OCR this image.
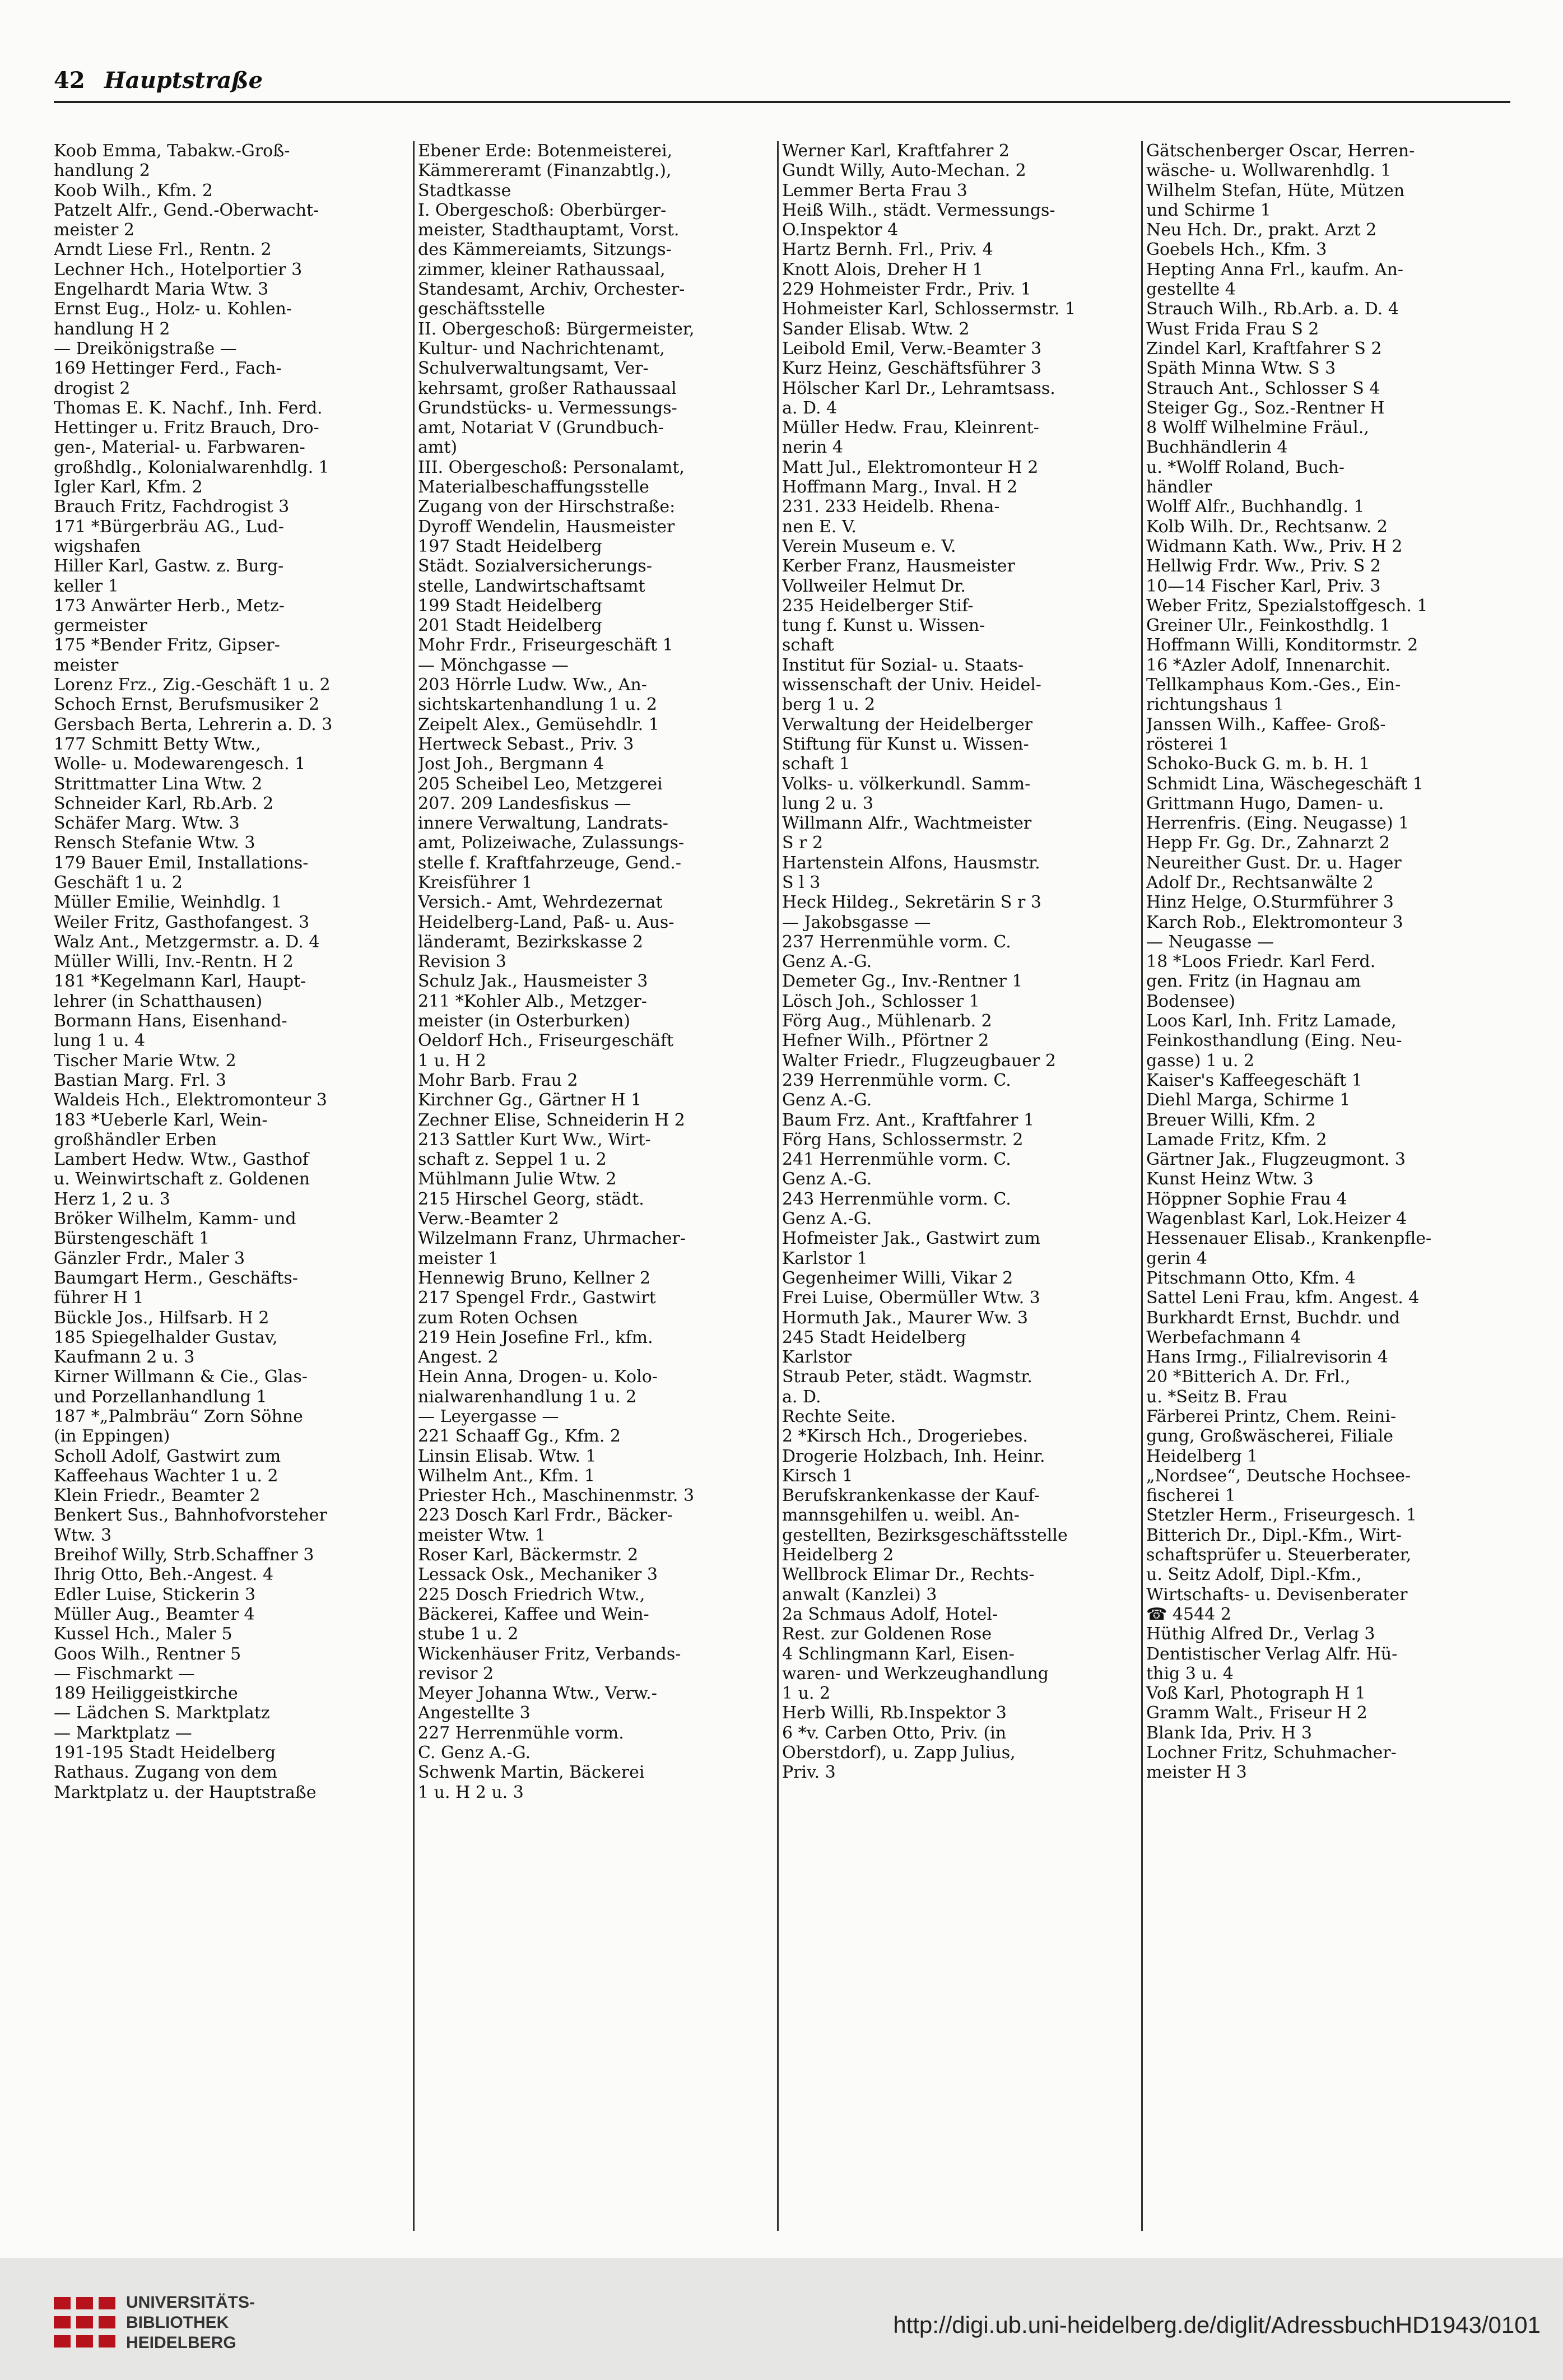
42 Hauptstraße
Koob Emma, Tabakw.-Groß-
handlung 2
Koob Wilh., Kfm. 2
Patzelt Alfr., Gend.-Oberwacht-
meister 2
Arndt Liese Frl., Rentn. 2
Lechner Hch., Hotelportier 3
Engelhardt Maria Wtw. 3
Ernst Eug., Holz- u. Kohlen-
handlung H 2
— Dreikönigstraße —
169 Hettinger Ferd., Fach-
drogist 2
Thomas E. K. Nachf., Inh. Ferd.
Hettinger u. Fritz Brauch, Dro-
gen-, Material- u. Farbwaren-
großhdlg., Kolonialwarenhdlg. 1
Igler Karl, Kfm. 2
Brauch Fritz, Fachdrogist 3
171 *Bürgerbräu AG., Lud-
wigshafen
Hiller Karl, Gastw. z. Burg-
keller 1
173 Anwärter Herb., Metz-
germeister
175 *Bender Fritz, Gipser-
meister
Lorenz Frz., Zig.-Geschäft 1 u. 2
Schoch Ernst, Berufsmusiker 2
Gersbach Berta, Lehrerin a. D. 3
177 Schmitt Betty Wtw.,
Wolle- u. Modewarengesch. 1
Strittmatter Lina Wtw. 2
Schneider Karl, Rb.Arb. 2
Schäfer Marg. Wtw. 3
Rensch Stefanie Wtw. 3
179 Bauer Emil, Installations-
Geschäft 1 u. 2
Müller Emilie, Weinhdlg. 1
Weiler Fritz, Gasthofangest. 3
Walz Ant., Metzgermstr. a. D. 4
Müller Willi, Inv.-Rentn. H 2
181 *Kegelmann Karl, Haupt-
lehrer (in Schatthausen)
Bormann Hans, Eisenhand-
lung 1 u. 4
Tischer Marie Wtw. 2
Bastian Marg. Frl. 3
Waldeis Hch., Elektromonteur 3
183 *Ueberle Karl, Wein-
großhändler Erben
Lambert Hedw. Wtw., Gasthof
u. Weinwirtschaft z. Goldenen
Herz 1, 2 u. 3
Bröker Wilhelm, Kamm- und
Bürstengeschäft 1
Gänzler Frdr., Maler 3
Baumgart Herm., Geschäfts-
führer H 1
Bückle Jos., Hilfsarb. H 2
185 Spiegelhalder Gustav,
Kaufmann 2 u. 3
Kirner Willmann & Cie., Glas-
und Porzellanhandlung 1
187 *„Palmbräu“ Zorn Söhne
(in Eppingen)
Scholl Adolf, Gastwirt zum
Kaffeehaus Wachter 1 u. 2
Klein Friedr., Beamter 2
Benkert Sus., Bahnhofvorsteher
Wtw. 3
Breihof Willy, Strb.Schaffner 3
Ihrig Otto, Beh.-Angest. 4
Edler Luise, Stickerin 3
Müller Aug., Beamter 4
Kussel Hch., Maler 5
Goos Wilh., Rentner 5
— Fischmarkt —
189 Heiliggeistkirche
— Lädchen S. Marktplatz
— Marktplatz —
191-195 Stadt Heidelberg
Rathaus. Zugang von dem
Marktplatz u. der Hauptstraße
Ebener Erde: Botenmeisterei,
Kämmereramt (Finanzabtlg.),
Stadtkasse
I. Obergeschoß: Oberbürger-
meister, Stadthauptamt, Vorst.
des Kämmereiamts, Sitzungs-
zimmer, kleiner Rathaussaal,
Standesamt, Archiv, Orchester-
geschäftsstelle
II. Obergeschoß: Bürgermeister,
Kultur- und Nachrichtenamt,
Schulverwaltungsamt, Ver-
kehrsamt, großer Rathaussaal
Grundstücks- u. Vermessungs-
amt, Notariat V (Grundbuch-
amt)
III. Obergeschoß: Personalamt,
Materialbeschaffungsstelle
Zugang von der Hirschstraße:
Dyroff Wendelin, Hausmeister
197 Stadt Heidelberg
Städt. Sozialversicherungs-
stelle, Landwirtschaftsamt
199 Stadt Heidelberg
201 Stadt Heidelberg
Mohr Frdr., Friseurgeschäft 1
— Mönchgasse —
203 Hörrle Ludw. Ww., An-
sichtskartenhandlung 1 u. 2
Zeipelt Alex., Gemüsehdlr. 1
Hertweck Sebast., Priv. 3
Jost Joh., Bergmann 4
205 Scheibel Leo, Metzgerei
207. 209 Landesfiskus —
innere Verwaltung, Landrats-
amt, Polizeiwache, Zulassungs-
stelle f. Kraftfahrzeuge, Gend.-
Kreisführer 1
Versich.- Amt, Wehrdezernat
Heidelberg-Land, Paß- u. Aus-
länderamt, Bezirkskasse 2
Revision 3
Schulz Jak., Hausmeister 3
211 *Kohler Alb., Metzger-
meister (in Osterburken)
Oeldorf Hch., Friseurgeschäft
1 u. H 2
Mohr Barb. Frau 2
Kirchner Gg., Gärtner H 1
Zechner Elise, Schneiderin H 2
213 Sattler Kurt Ww., Wirt-
schaft z. Seppel 1 u. 2
Mühlmann Julie Wtw. 2
215 Hirschel Georg, städt.
Verw.-Beamter 2
Wilzelmann Franz, Uhrmacher-
meister 1
Hennewig Bruno, Kellner 2
217 Spengel Frdr., Gastwirt
zum Roten Ochsen
219 Hein Josefine Frl., kfm.
Angest. 2
Hein Anna, Drogen- u. Kolo-
nialwarenhandlung 1 u. 2
— Leyergasse —
221 Schaaff Gg., Kfm. 2
Linsin Elisab. Wtw. 1
Wilhelm Ant., Kfm. 1
Priester Hch., Maschinenmstr. 3
223 Dosch Karl Frdr., Bäcker-
meister Wtw. 1
Roser Karl, Bäckermstr. 2
Lessack Osk., Mechaniker 3
225 Dosch Friedrich Wtw.,
Bäckerei, Kaffee und Wein-
stube 1 u. 2
Wickenhäuser Fritz, Verbands-
revisor 2
Meyer Johanna Wtw., Verw.-
Angestellte 3
227 Herrenmühle vorm.
C. Genz A.-G.
Schwenk Martin, Bäckerei
1 u. H 2 u. 3
Werner Karl, Kraftfahrer 2
Gundt Willy, Auto-Mechan. 2
Lemmer Berta Frau 3
Heiß Wilh., städt. Vermessungs-
O.Inspektor 4
Hartz Bernh. Frl., Priv. 4
Knott Alois, Dreher H 1
229 Hohmeister Frdr., Priv. 1
Hohmeister Karl, Schlossermstr. 1
Sander Elisab. Wtw. 2
Leibold Emil, Verw.-Beamter 3
Kurz Heinz, Geschäftsführer 3
Hölscher Karl Dr., Lehramtsass.
a. D. 4
Müller Hedw. Frau, Kleinrent-
nerin 4
Matt Jul., Elektromonteur H 2
Hoffmann Marg., Inval. H 2
231. 233 Heidelb. Rhena-
nen E. V.
Verein Museum e. V.
Kerber Franz, Hausmeister
Vollweiler Helmut Dr.
235 Heidelberger Stif-
tung f. Kunst u. Wissen-
schaft
Institut für Sozial- u. Staats-
wissenschaft der Univ. Heidel-
berg 1 u. 2
Verwaltung der Heidelberger
Stiftung für Kunst u. Wissen-
schaft 1
Volks- u. völkerkundl. Samm-
lung 2 u. 3
Willmann Alfr., Wachtmeister
S r 2
Hartenstein Alfons, Hausmstr.
S l 3
Heck Hildeg., Sekretärin S r 3
— Jakobsgasse —
237 Herrenmühle vorm. C.
Genz A.-G.
Demeter Gg., Inv.-Rentner 1
Lösch Joh., Schlosser 1
Förg Aug., Mühlenarb. 2
Hefner Wilh., Pförtner 2
Walter Friedr., Flugzeugbauer 2
239 Herrenmühle vorm. C.
Genz A.-G.
Baum Frz. Ant., Kraftfahrer 1
Förg Hans, Schlossermstr. 2
241 Herrenmühle vorm. C.
Genz A.-G.
243 Herrenmühle vorm. C.
Genz A.-G.
Hofmeister Jak., Gastwirt zum
Karlstor 1
Gegenheimer Willi, Vikar 2
Frei Luise, Obermüller Wtw. 3
Hormuth Jak., Maurer Ww. 3
245 Stadt Heidelberg
Karlstor
Straub Peter, städt. Wagmstr.
a. D.
Rechte Seite.
2 *Kirsch Hch., Drogeriebes.
Drogerie Holzbach, Inh. Heinr.
Kirsch 1
Berufskrankenkasse der Kauf-
mannsgehilfen u. weibl. An-
gestellten, Bezirksgeschäftsstelle
Heidelberg 2
Wellbrock Elimar Dr., Rechts-
anwalt (Kanzlei) 3
2a Schmaus Adolf, Hotel-
Rest. zur Goldenen Rose
4 Schlingmann Karl, Eisen-
waren- und Werkzeughandlung
1 u. 2
Herb Willi, Rb.Inspektor 3
6 *v. Carben Otto, Priv. (in
Oberstdorf), u. Zapp Julius,
Priv. 3
Gätschenberger Oscar, Herren-
wäsche- u. Wollwarenhdlg. 1
Wilhelm Stefan, Hüte, Mützen
und Schirme 1
Neu Hch. Dr., prakt. Arzt 2
Goebels Hch., Kfm. 3
Hepting Anna Frl., kaufm. An-
gestellte 4
Strauch Wilh., Rb.Arb. a. D. 4
Wust Frida Frau S 2
Zindel Karl, Kraftfahrer S 2
Späth Minna Wtw. S 3
Strauch Ant., Schlosser S 4
Steiger Gg., Soz.-Rentner H
8 Wolff Wilhelmine Fräul.,
Buchhändlerin 4
u. *Wolff Roland, Buch-
händler
Wolff Alfr., Buchhandlg. 1
Kolb Wilh. Dr., Rechtsanw. 2
Widmann Kath. Ww., Priv. H 2
Hellwig Frdr. Ww., Priv. S 2
10—14 Fischer Karl, Priv. 3
Weber Fritz, Spezialstoffgesch. 1
Greiner Ulr., Feinkosthdlg. 1
Hoffmann Willi, Konditormstr. 2
16 *Azler Adolf, Innenarchit.
Tellkamphaus Kom.-Ges., Ein-
richtungshaus 1
Janssen Wilh., Kaffee- Groß-
rösterei 1
Schoko-Buck G. m. b. H. 1
Schmidt Lina, Wäschegeschäft 1
Grittmann Hugo, Damen- u.
Herrenfris. (Eing. Neugasse) 1
Hepp Fr. Gg. Dr., Zahnarzt 2
Neureither Gust. Dr. u. Hager
Adolf Dr., Rechtsanwälte 2
Hinz Helge, O.Sturmführer 3
Karch Rob., Elektromonteur 3
— Neugasse —
18 *Loos Friedr. Karl Ferd.
gen. Fritz (in Hagnau am
Bodensee)
Loos Karl, Inh. Fritz Lamade,
Feinkosthandlung (Eing. Neu-
gasse) 1 u. 2
Kaiser's Kaffeegeschäft 1
Diehl Marga, Schirme 1
Breuer Willi, Kfm. 2
Lamade Fritz, Kfm. 2
Gärtner Jak., Flugzeugmont. 3
Kunst Heinz Wtw. 3
Höppner Sophie Frau 4
Wagenblast Karl, Lok.Heizer 4
Hessenauer Elisab., Krankenpfle-
gerin 4
Pitschmann Otto, Kfm. 4
Sattel Leni Frau, kfm. Angest. 4
Burkhardt Ernst, Buchdr. und
Werbefachmann 4
Hans Irmg., Filialrevisorin 4
20 *Bitterich A. Dr. Frl.,
u. *Seitz B. Frau
Färberei Printz, Chem. Reini-
gung, Großwäscherei, Filiale
Heidelberg 1
„Nordsee“, Deutsche Hochsee-
fischerei 1
Stetzler Herm., Friseurgesch. 1
Bitterich Dr., Dipl.-Kfm., Wirt-
schaftsprüfer u. Steuerberater,
u. Seitz Adolf, Dipl.-Kfm.,
Wirtschafts- u. Devisenberater
☎ 4544 2
Hüthig Alfred Dr., Verlag 3
Dentistischer Verlag Alfr. Hü-
thig 3 u. 4
Voß Karl, Photograph H 1
Gramm Walt., Friseur H 2
Blank Ida, Priv. H 3
Lochner Fritz, Schuhmacher-
meister H 3
UNIVERSITÄTS-
BIBLIOTHEK
HEIDELBERG
http://digi.ub.uni-heidelberg.de/diglit/AdressbuchHD1943/0101
